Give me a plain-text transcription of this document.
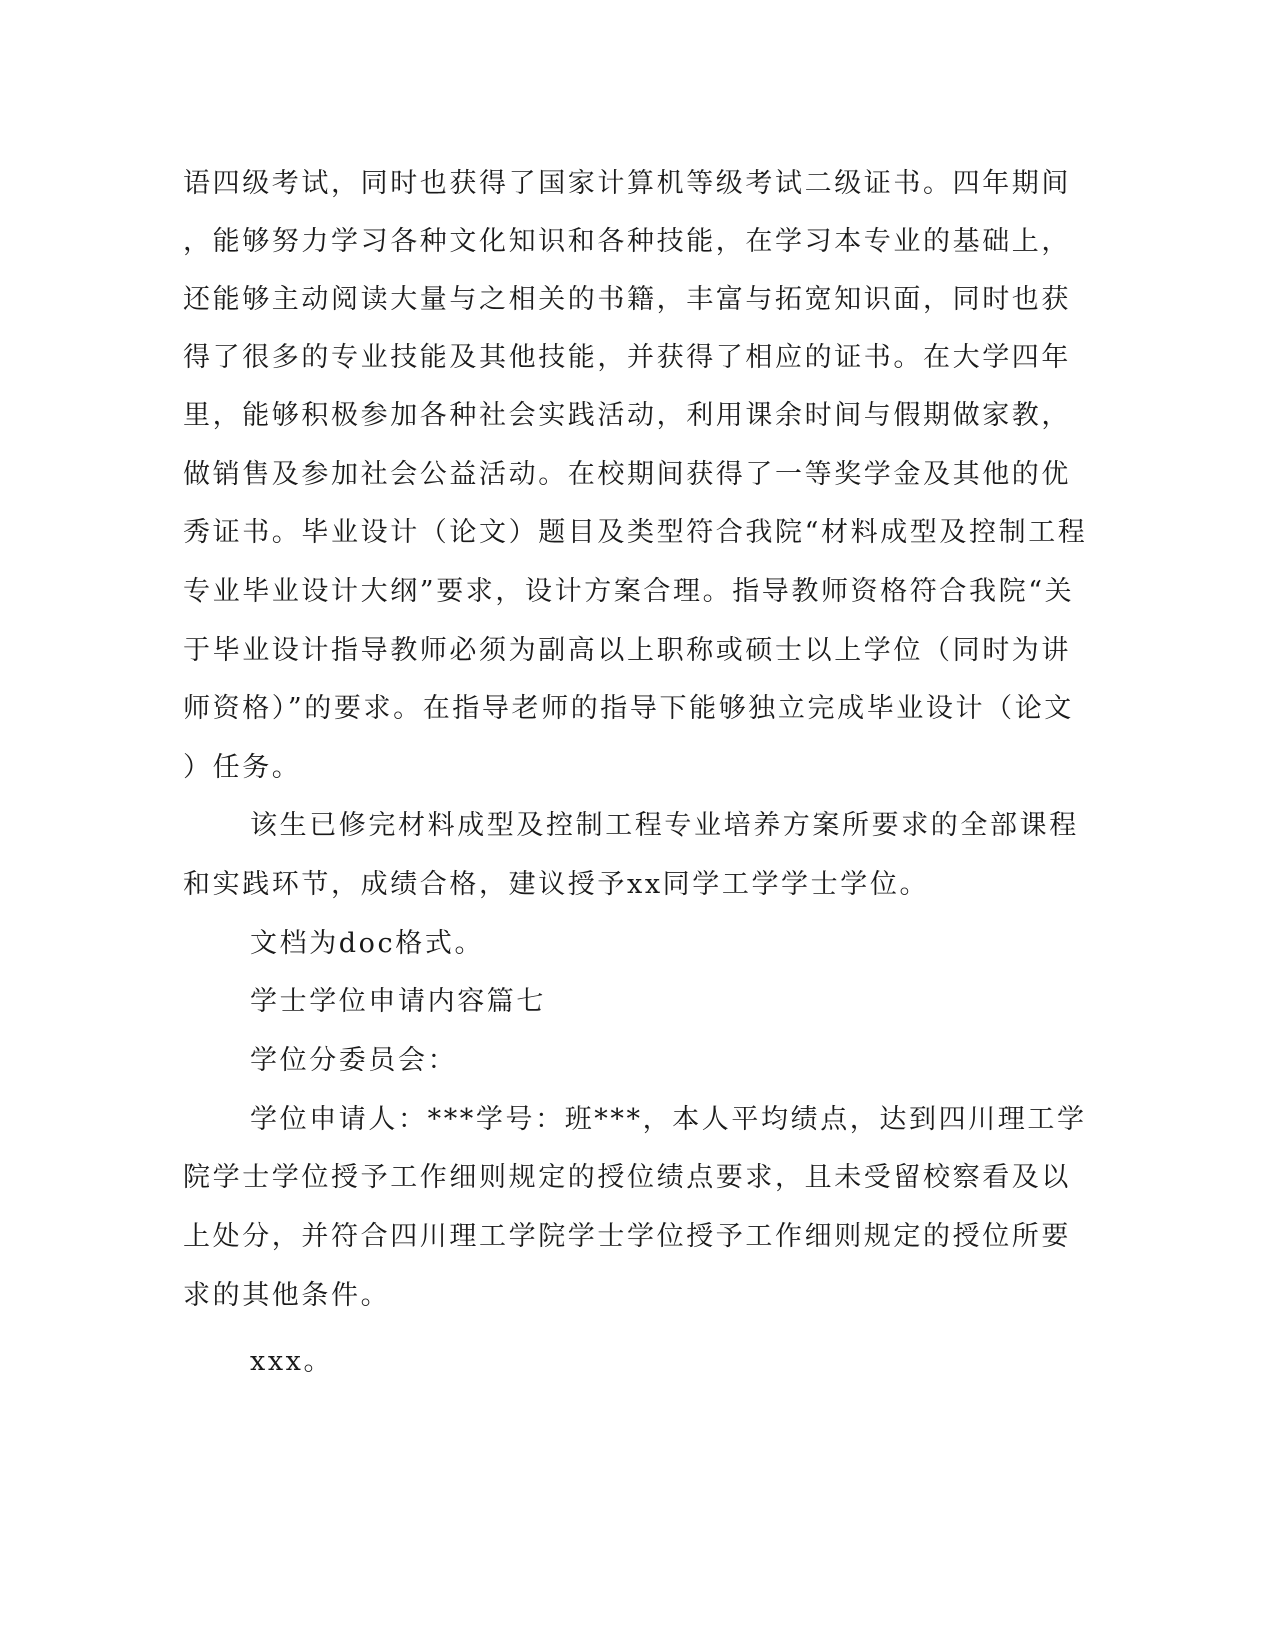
语四级考试，同时也获得了国家计算机等级考试二级证书。四年期间
，能够努力学习各种文化知识和各种技能，在学习本专业的基础上，
还能够主动阅读大量与之相关的书籍，丰富与拓宽知识面，同时也获
得了很多的专业技能及其他技能，并获得了相应的证书。在大学四年
里，能够积极参加各种社会实践活动，利用课余时间与假期做家教，
做销售及参加社会公益活动。在校期间获得了一等奖学金及其他的优
秀证书。毕业设计（论文）题目及类型符合我院“材料成型及控制工程
专业毕业设计大纲”要求，设计方案合理。指导教师资格符合我院“关
于毕业设计指导教师必须为副高以上职称或硕士以上学位（同时为讲
师资格）”的要求。在指导老师的指导下能够独立完成毕业设计（论文
）任务。
该生已修完材料成型及控制工程专业培养方案所要求的全部课程
和实践环节，成绩合格，建议授予xx同学工学学士学位。
文档为doc格式。
学士学位申请内容篇七
学位分委员会：
学位申请人：***学号：班***，本人平均绩点，达到四川理工学
院学士学位授予工作细则规定的授位绩点要求，且未受留校察看及以
上处分，并符合四川理工学院学士学位授予工作细则规定的授位所要
求的其他条件。
xxx。
